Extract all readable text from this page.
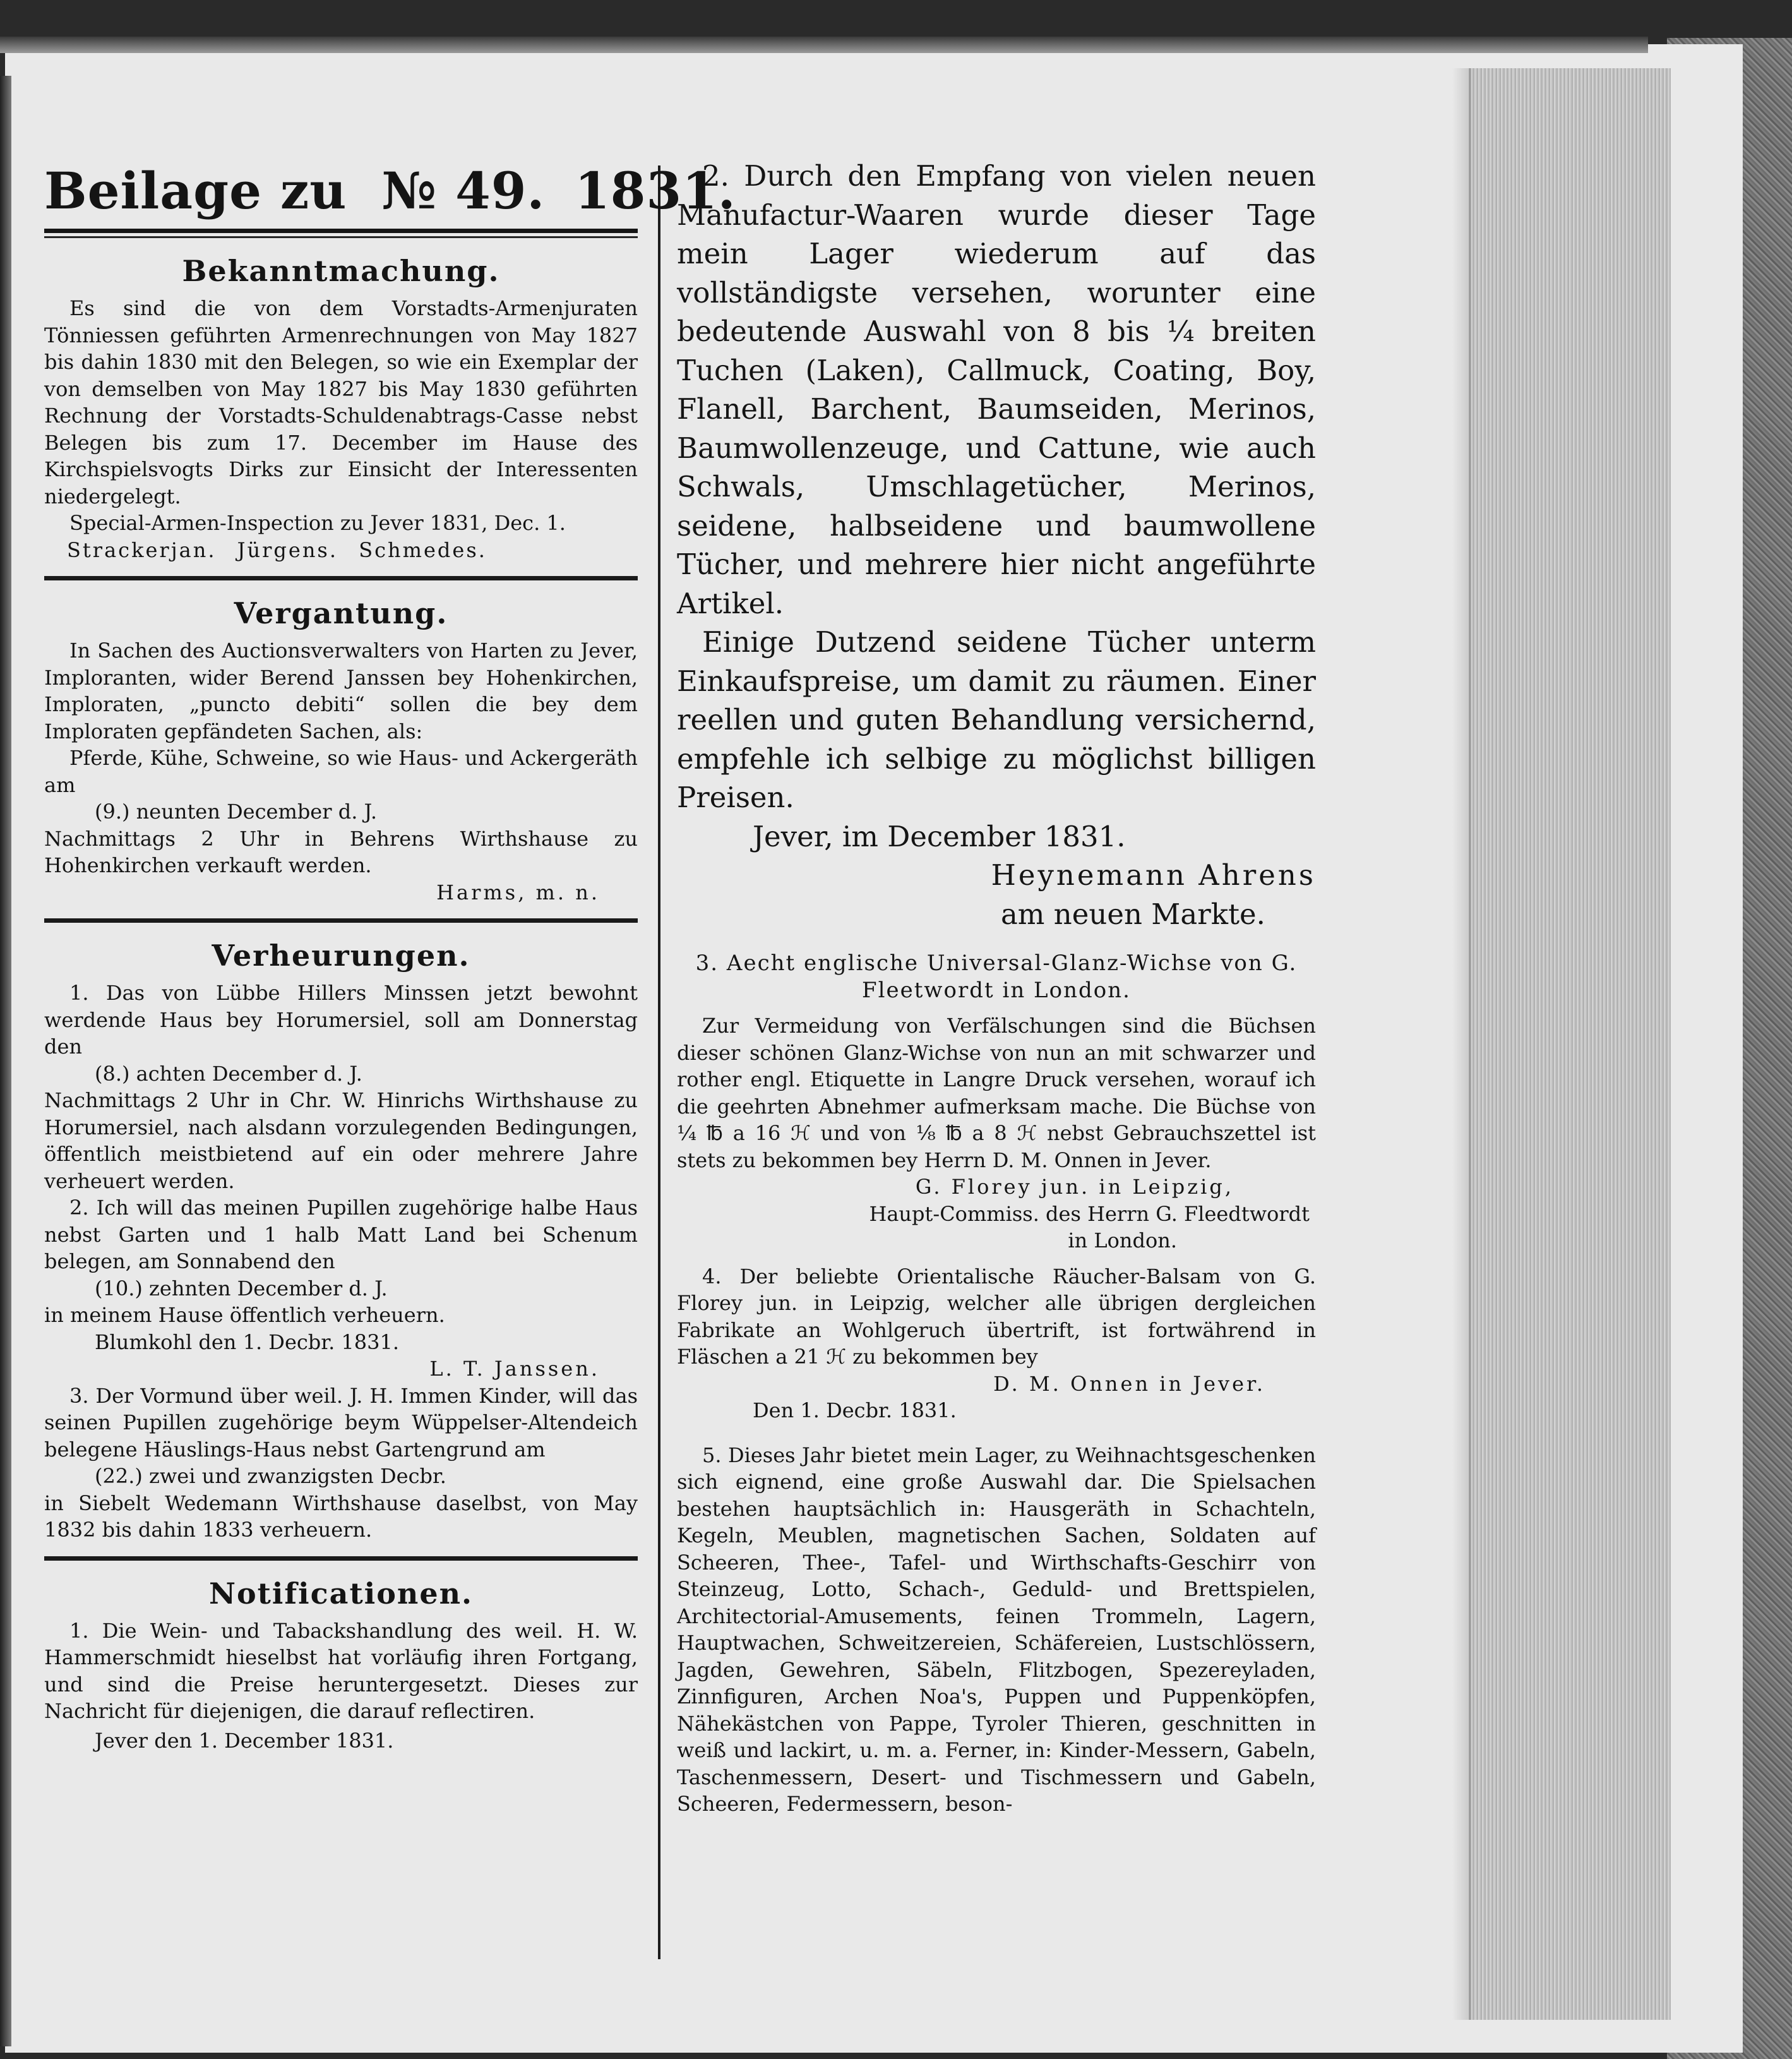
Beilage zu № 49. 1831.
Bekanntmachung.

Es sind die von dem Vorstadts-Armenjuraten Tönniessen geführten Armenrechnungen von May 1827 bis dahin 1830 mit den Belegen, so wie ein Exemplar der von demselben von May 1827 bis May 1830 geführten Rechnung der Vorstadts-Schuldenabtrags-Casse nebst Belegen bis zum 17. December im Hause des Kirchspielsvogts Dirks zur Einsicht der Interessenten niedergelegt.

Special-Armen-Inspection zu Jever 1831, Dec. 1.

Strackerjan. Jürgens. Schmedes.

Vergantung.

In Sachen des Auctionsverwalters von Harten zu Jever, Imploranten, wider Berend Janssen bey Hohenkirchen, Imploraten, „puncto debiti“ sollen die bey dem Imploraten gepfändeten Sachen, als:

Pferde, Kühe, Schweine, so wie Haus- und Ackergeräth am

(9.) neunten December d. J.

Nachmittags 2 Uhr in Behrens Wirthshause zu Hohenkirchen verkauft werden.

Harms, m. n.

Verheurungen.

1. Das von Lübbe Hillers Minssen jetzt bewohnt werdende Haus bey Horumersiel, soll am Donnerstag den

(8.) achten December d. J.

Nachmittags 2 Uhr in Chr. W. Hinrichs Wirthshause zu Horumersiel, nach alsdann vorzulegenden Bedingungen, öffentlich meistbietend auf ein oder mehrere Jahre verheuert werden.

2. Ich will das meinen Pupillen zugehörige halbe Haus nebst Garten und 1 halb Matt Land bei Schenum belegen, am Sonnabend den

(10.) zehnten December d. J.

in meinem Hause öffentlich verheuern.

Blumkohl den 1. Decbr. 1831.

L. T. Janssen.

3. Der Vormund über weil. J. H. Immen Kinder, will das seinen Pupillen zugehörige beym Wüppelser-Altendeich belegene Häuslings-Haus nebst Gartengrund am

(22.) zwei und zwanzigsten Decbr.

in Siebelt Wedemann Wirthshause daselbst, von May 1832 bis dahin 1833 verheuern.

Notificationen.

1. Die Wein- und Tabackshandlung des weil. H. W. Hammerschmidt hieselbst hat vorläufig ihren Fortgang, und sind die Preise heruntergesetzt. Dieses zur Nachricht für diejenigen, die darauf reflectiren.

Jever den 1. December 1831.

2. Durch den Empfang von vielen neuen Manufactur-Waaren wurde dieser Tage mein Lager wiederum auf das vollständigste versehen, worunter eine bedeutende Auswahl von 8 bis ¼ breiten Tuchen (Laken), Callmuck, Coating, Boy, Flanell, Barchent, Baumseiden, Merinos, Baumwollenzeuge, und Cattune, wie auch Schwals, Umschlagetücher, Merinos, seidene, halbseidene und baumwollene Tücher, und mehrere hier nicht angeführte Artikel.

Einige Dutzend seidene Tücher unterm Einkaufspreise, um damit zu räumen. Einer reellen und guten Behandlung versichernd, empfehle ich selbige zu möglichst billigen Preisen.

Jever, im December 1831.

Heynemann Ahrens

am neuen Markte.

3. Aecht englische Universal-Glanz-Wichse von G. Fleetwordt in London.

Zur Vermeidung von Verfälschungen sind die Büchsen dieser schönen Glanz-Wichse von nun an mit schwarzer und rother engl. Etiquette in Langre Druck versehen, worauf ich die geehrten Abnehmer aufmerksam mache. Die Büchse von ¼ ℔ a 16 ℋ und von ⅛ ℔ a 8 ℋ nebst Gebrauchszettel ist stets zu bekommen bey Herrn D. M. Onnen in Jever.

G. Florey jun. in Leipzig,

Haupt-Commiss. des Herrn G. Fleedtwordt

in London.

4. Der beliebte Orientalische Räucher-Balsam von G. Florey jun. in Leipzig, welcher alle übrigen dergleichen Fabrikate an Wohlgeruch übertrift, ist fortwährend in Fläschen a 21 ℋ zu bekommen bey

D. M. Onnen in Jever.

Den 1. Decbr. 1831.

5. Dieses Jahr bietet mein Lager, zu Weihnachtsgeschenken sich eignend, eine große Auswahl dar. Die Spielsachen bestehen hauptsächlich in: Hausgeräth in Schachteln, Kegeln, Meublen, magnetischen Sachen, Soldaten auf Scheeren, Thee-, Tafel- und Wirthschafts-Geschirr von Steinzeug, Lotto, Schach-, Geduld- und Brettspielen, Architectorial-Amusements, feinen Trommeln, Lagern, Hauptwachen, Schweitzereien, Schäfereien, Lustschlössern, Jagden, Gewehren, Säbeln, Flitzbogen, Spezereyladen, Zinnfiguren, Archen Noa's, Puppen und Puppenköpfen, Nähekästchen von Pappe, Tyroler Thieren, geschnitten in weiß und lackirt, u. m. a. Ferner, in: Kinder-Messern, Gabeln, Taschenmessern, Desert- und Tischmessern und Gabeln, Scheeren, Federmessern, beson-
